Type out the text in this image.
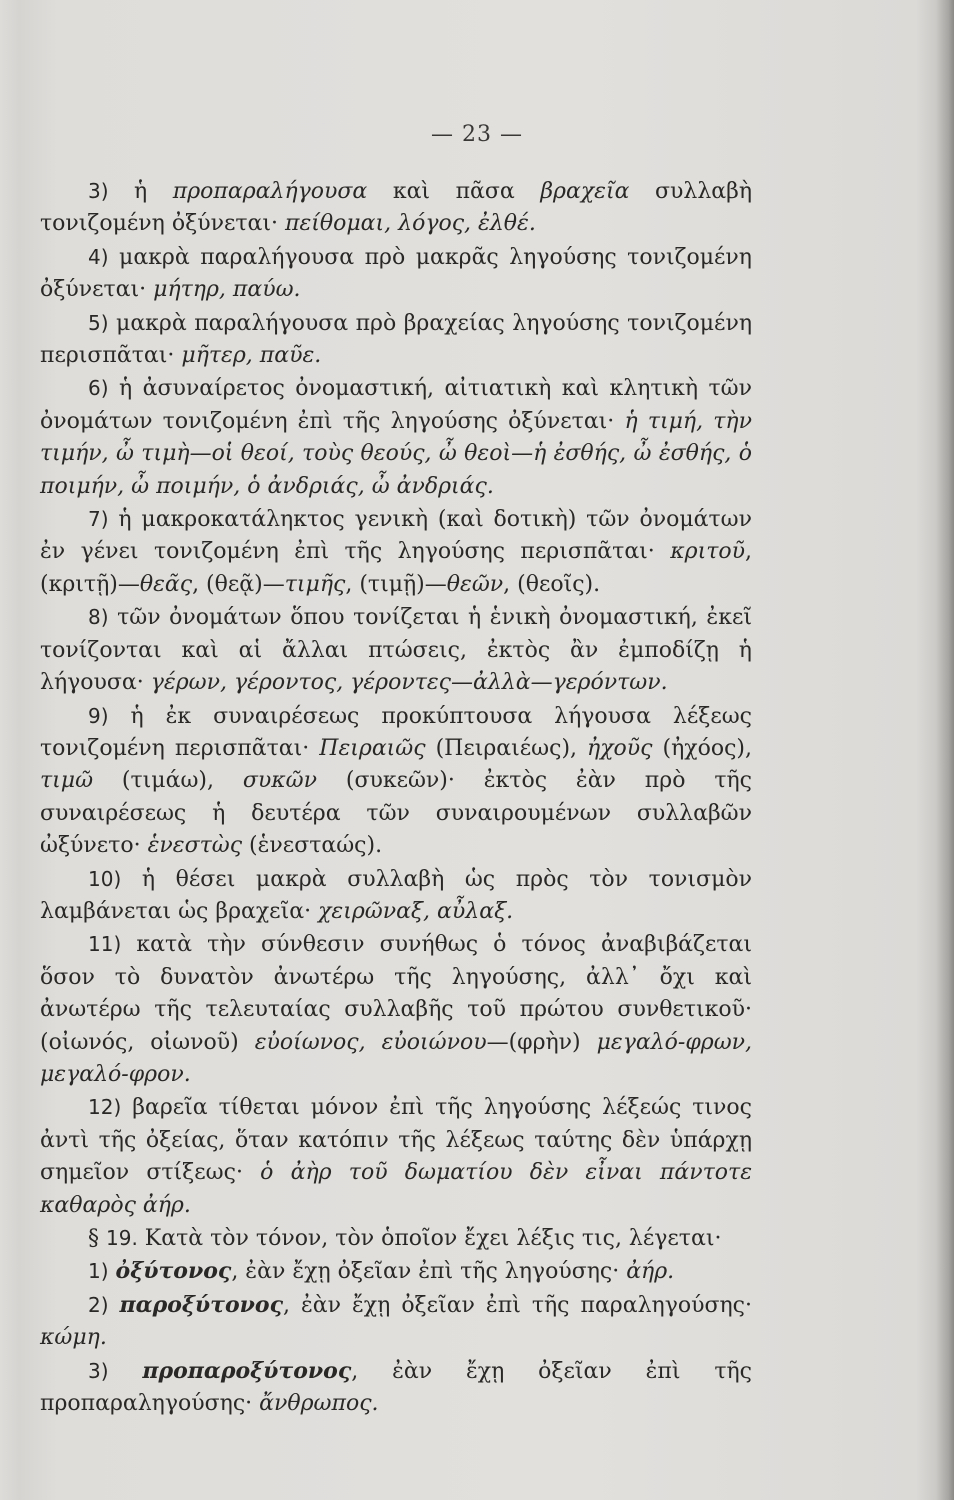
— 23 —

3) ἡ προπαραλήγουσα καὶ πᾶσα βραχεῖα συλλαβὴ τονιζομένη ὀξύνεται· πείθομαι, λόγος, ἐλθέ.

4) μακρὰ παραλήγουσα πρὸ μακρᾶς ληγούσης τονιζομένη ὀξύνεται· μήτηρ, παύω.

5) μακρὰ παραλήγουσα πρὸ βραχείας ληγούσης τονιζομένη περισπᾶται· μῆτερ, παῦε.

6) ἡ ἀσυναίρετος ὀνομαστική, αἰτιατικὴ καὶ κλητικὴ τῶν ὀνομάτων τονιζομένη ἐπὶ τῆς ληγούσης ὀξύνεται· ἡ τιμή, τὴν τιμήν, ὦ τιμὴ—οἱ θεοί, τοὺς θεούς, ὦ θεοὶ—ἡ ἐσθής, ὦ ἐσθής, ὁ ποιμήν, ὦ ποιμήν, ὁ ἀνδριάς, ὦ ἀνδριάς.

7) ἡ μακροκατάληκτος γενικὴ (καὶ δοτικὴ) τῶν ὀνομάτων ἐν γένει τονιζομένη ἐπὶ τῆς ληγούσης περισπᾶται· κριτοῦ, (κριτῇ)—θεᾶς, (θεᾷ)—τιμῆς, (τιμῇ)—θεῶν, (θεοῖς).

8) τῶν ὀνομάτων ὅπου τονίζεται ἡ ἑνικὴ ὀνομαστική, ἐκεῖ τονίζονται καὶ αἱ ἄλλαι πτώσεις, ἐκτὸς ἂν ἐμποδίζῃ ἡ λήγουσα· γέρων, γέροντος, γέροντες—ἀλλὰ—γερόντων.

9) ἡ ἐκ συναιρέσεως προκύπτουσα λήγουσα λέξεως τονιζομένη περισπᾶται· Πειραιῶς (Πειραιέως), ἠχοῦς (ἠχόος), τιμῶ (τιμάω), συκῶν (συκεῶν)· ἐκτὸς ἐὰν πρὸ τῆς συναιρέσεως ἡ δευτέρα τῶν συναιρουμένων συλλαβῶν ὠξύνετο· ἑνεστὼς (ἑνεσταώς).

10) ἡ θέσει μακρὰ συλλαβὴ ὡς πρὸς τὸν τονισμὸν λαμβάνεται ὡς βραχεῖα· χειρῶναξ, αὖλαξ.

11) κατὰ τὴν σύνθεσιν συνήθως ὁ τόνος ἀναβιβάζεται ὅσον τὸ δυνατὸν ἀνωτέρω τῆς ληγούσης, ἀλλ᾽ ὄχι καὶ ἀνωτέρω τῆς τελευταίας συλλαβῆς τοῦ πρώτου συνθετικοῦ· (οἰωνός, οἰωνοῦ) εὐοίωνος, εὐοιώνου—(φρὴν) μεγαλό-φρων, μεγαλό-φρον.

12) βαρεῖα τίθεται μόνον ἐπὶ τῆς ληγούσης λέξεώς τινος ἀντὶ τῆς ὀξείας, ὅταν κατόπιν τῆς λέξεως ταύτης δὲν ὑπάρχῃ σημεῖον στίξεως· ὁ ἀὴρ τοῦ δωματίου δὲν εἶναι πάντοτε καθαρὸς ἀήρ.

§ 19. Κατὰ τὸν τόνον, τὸν ὁποῖον ἔχει λέξις τις, λέγεται·

1) ὀξύτονος, ἐὰν ἔχῃ ὀξεῖαν ἐπὶ τῆς ληγούσης· ἀήρ.

2) παροξύτονος, ἐὰν ἔχῃ ὀξεῖαν ἐπὶ τῆς παραληγούσης· κώμη.

3) προπαροξύτονος, ἐὰν ἔχῃ ὀξεῖαν ἐπὶ τῆς προπαραληγούσης· ἄνθρωπος.
